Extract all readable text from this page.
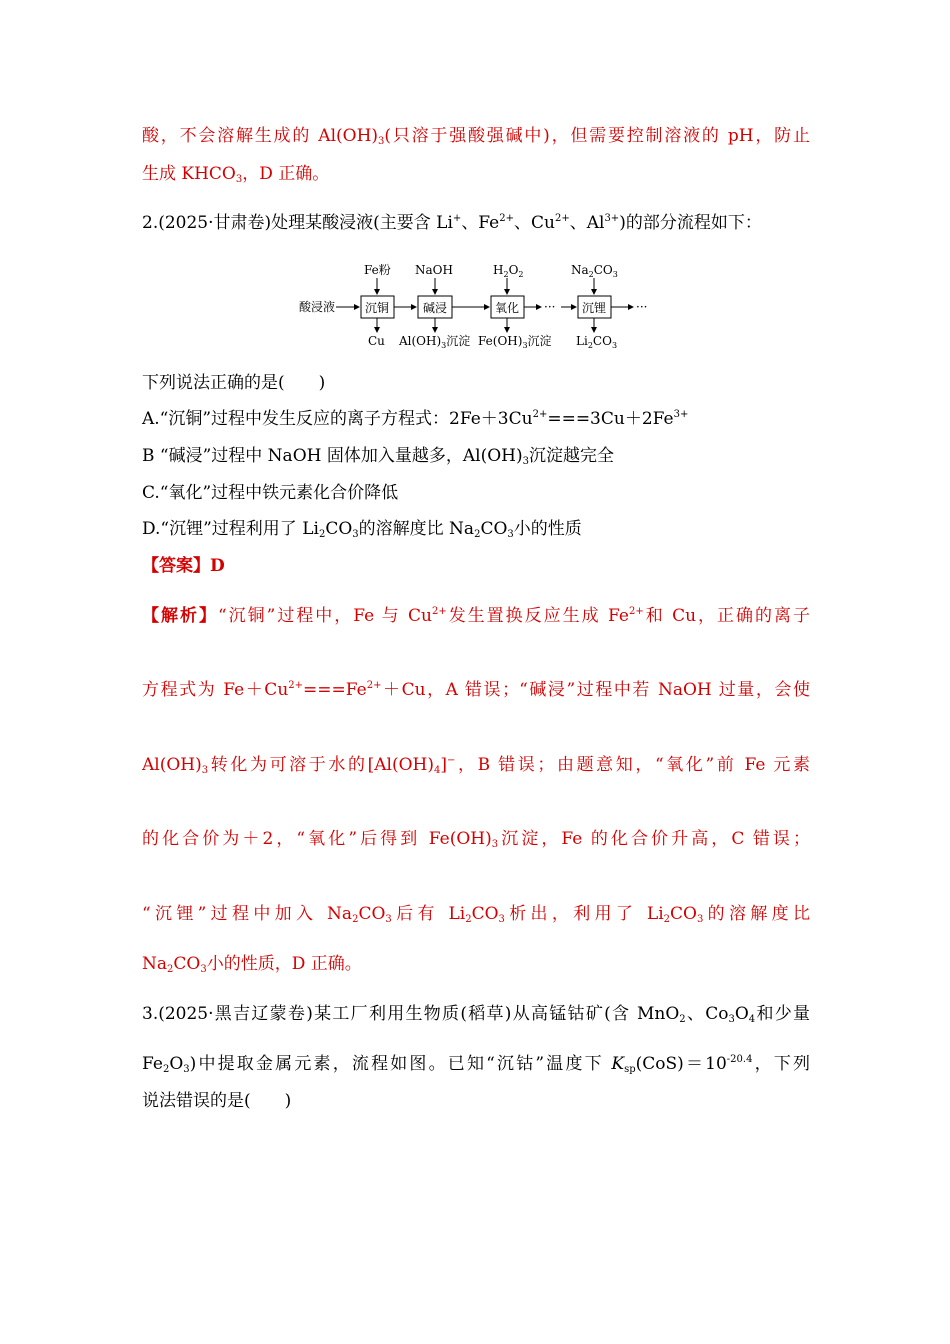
酸，不会溶解生成的 $Al(OH)_3$(只溶于强酸强碱中)，但需要控制溶液的 pH，防止
生成 $KHCO_3$，D 正确。
2.(2025·甘肃卷)处理某酸浸液(主要含 Li+、$Fe^{2+}$、$Cu^{2+}$、$Al^{3+}$)的部分流程如下：
酸浸液	···	···
沉铜	碱浸	氧化	沉锂
Fe粉 NaOH	$H_2O_2$	$Na_2CO_3$
Cu $Al(OH)_3$沉淀 $Fe(OH)_3$沉淀 $Li_2CO_3$
下列说法正确的是(　　)
A.“沉铜”过程中发生反应的离子方程式：$2Fe+3Cu^{2+}===3Cu+2Fe^{3+}$
B “碱浸”过程中 NaOH 固体加入量越多，$Al(OH)_3$沉淀越完全
C.“氧化”过程中铁元素化合价降低
D.“沉锂”过程利用了 $Li_2CO_3$的溶解度比 $Na_2CO_3$小的性质
【答案】D
【解析】“沉铜”过程中，Fe 与 $Cu^{2+}$发生置换反应生成 $Fe^{2+}$和 Cu，正确的离子
方程式为 $Fe+Cu^{2+}===Fe^{2+}+Cu$，A 错误；“碱浸”过程中若 NaOH 过量，会使
$Al(OH)_3$转化为可溶于水的$[Al(OH)_4]^-$，B 错误；由题意知，“氧化”前 Fe 元素
的化合价为＋2，“氧化”后得到 $Fe(OH)_3$沉淀，Fe 的化合价升高，C 错误；
“沉锂”过程中加入 $Na_2CO_3$后有 $Li_2CO_3$析出，利用了 $Li_2CO_3$的溶解度比
$Na_2CO_3$小的性质，D 正确。
3.(2025·黑吉辽蒙卷)某工厂利用生物质(稻草)从高锰钴矿(含 MnO$_2$、$Co_3O_4$和少量
$Fe_2O_3$)中提取金属元素，流程如图。已知“沉钴”温度下 $K_{sp}(CoS)=10^{-20.4}$，下列
说法错误的是(　　)
